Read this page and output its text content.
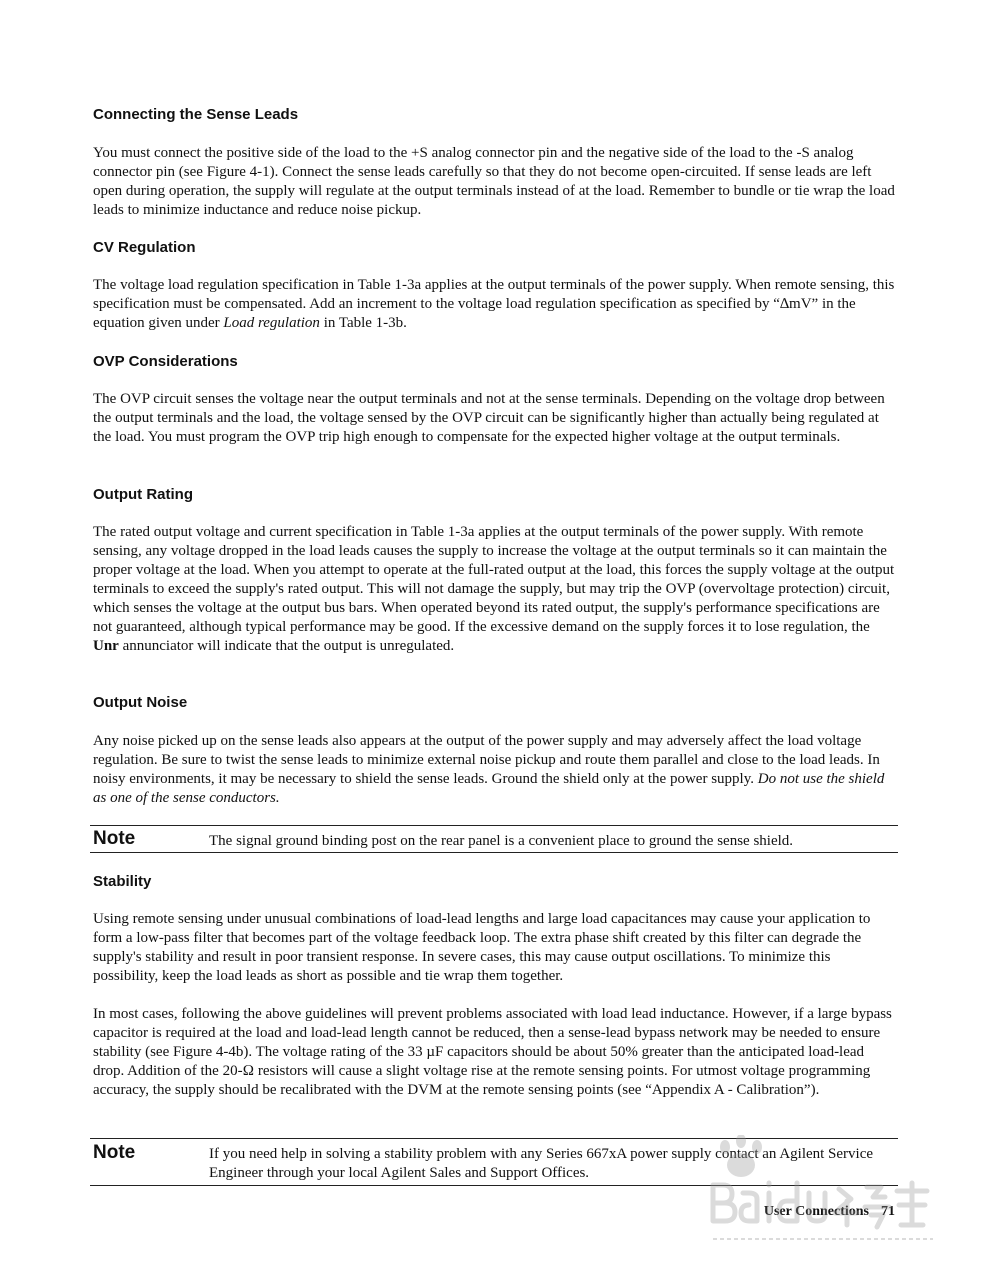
Connecting the Sense Leads

You must connect the positive side of the load to the +S analog connector pin and the negative side of the load to the -S analog connector pin (see Figure 4-1). Connect the sense leads carefully so that they do not become open-circuited. If sense leads are left open during operation, the supply will regulate at the output terminals instead of at the load. Remember to bundle or tie wrap the load leads to minimize inductance and reduce noise pickup.

CV Regulation

The voltage load regulation specification in Table 1-3a applies at the output terminals of the power supply. When remote sensing, this specification must be compensated. Add an increment to the voltage load regulation specification as specified by “∆mV” in the equation given under Load regulation in Table 1-3b.

OVP Considerations

The OVP circuit senses the voltage near the output terminals and not at the sense terminals. Depending on the voltage drop between the output terminals and the load, the voltage sensed by the OVP circuit can be significantly higher than actually being regulated at the load. You must program the OVP trip high enough to compensate for the expected higher voltage at the output terminals.

Output Rating

The rated output voltage and current specification in Table 1-3a applies at the output terminals of the power supply. With remote sensing, any voltage dropped in the load leads causes the supply to increase the voltage at the output terminals so it can maintain the proper voltage at the load. When you attempt to operate at the full-rated output at the load, this forces the supply voltage at the output terminals to exceed the supply's rated output. This will not damage the supply, but may trip the OVP (overvoltage protection) circuit, which senses the voltage at the output bus bars. When operated beyond its rated output, the supply's performance specifications are not guaranteed, although typical performance may be good. If the excessive demand on the supply forces it to lose regulation, the Unr annunciator will indicate that the output is unregulated.

Output Noise

Any noise picked up on the sense leads also appears at the output of the power supply and may adversely affect the load voltage regulation. Be sure to twist the sense leads to minimize external noise pickup and route them parallel and close to the load leads. In noisy environments, it may be necessary to shield the sense leads. Ground the shield only at the power supply. Do not use the shield as one of the sense conductors.

Note	The signal ground binding post on the rear panel is a convenient place to ground the sense shield.

Stability

Using remote sensing under unusual combinations of load-lead lengths and large load capacitances may cause your application to form a low-pass filter that becomes part of the voltage feedback loop. The extra phase shift created by this filter can degrade the supply's stability and result in poor transient response. In severe cases, this may cause output oscillations. To minimize this possibility, keep the load leads as short as possible and tie wrap them together.

In most cases, following the above guidelines will prevent problems associated with load lead inductance. However, if a large bypass capacitor is required at the load and load-lead length cannot be reduced, then a sense-lead bypass network may be needed to ensure stability (see Figure 4-4b). The voltage rating of the 33 µF capacitors should be about 50% greater than the anticipated load-lead drop. Addition of the 20-Ω resistors will cause a slight voltage rise at the remote sensing points. For utmost voltage programming accuracy, the supply should be recalibrated with the DVM at the remote sensing points (see “Appendix A - Calibration”).

Note	If you need help in solving a stability problem with any Series 667xA power supply contact an Agilent Service Engineer through your local Agilent Sales and Support Offices.

User Connections 71
